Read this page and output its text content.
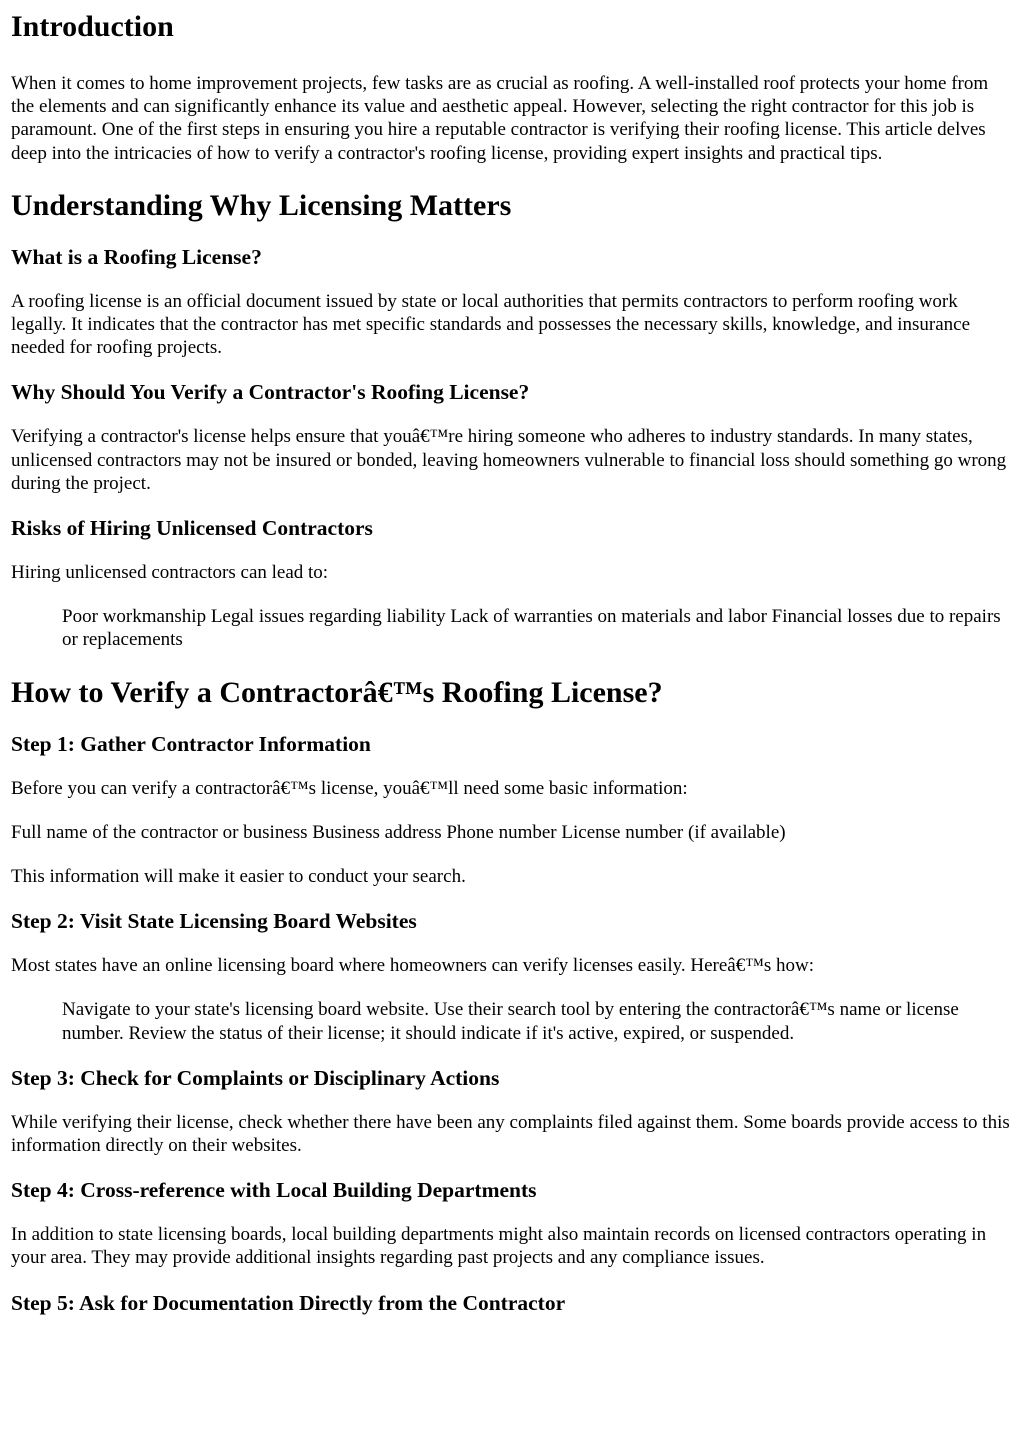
Introduction

When it comes to home improvement projects, few tasks are as crucial as roofing. A well-installed roof protects your home from the elements and can significantly enhance its value and aesthetic appeal. However, selecting the right contractor for this job is paramount. One of the first steps in ensuring you hire a reputable contractor is verifying their roofing license. This article delves deep into the intricacies of how to verify a contractor's roofing license, providing expert insights and practical tips.

Understanding Why Licensing Matters
What is a Roofing License?

A roofing license is an official document issued by state or local authorities that permits contractors to perform roofing work legally. It indicates that the contractor has met specific standards and possesses the necessary skills, knowledge, and insurance needed for roofing projects.

Why Should You Verify a Contractor's Roofing License?

Verifying a contractor's license helps ensure that youâ€™re hiring someone who adheres to industry standards. In many states, unlicensed contractors may not be insured or bonded, leaving homeowners vulnerable to financial loss should something go wrong during the project.

Risks of Hiring Unlicensed Contractors

Hiring unlicensed contractors can lead to:

Poor workmanship Legal issues regarding liability Lack of warranties on materials and labor Financial losses due to repairs or replacements
How to Verify a Contractorâ€™s Roofing License?
Step 1: Gather Contractor Information

Before you can verify a contractorâ€™s license, youâ€™ll need some basic information:

Full name of the contractor or business Business address Phone number License number (if available)

This information will make it easier to conduct your search.

Step 2: Visit State Licensing Board Websites

Most states have an online licensing board where homeowners can verify licenses easily. Hereâ€™s how:

Navigate to your state's licensing board website. Use their search tool by entering the contractorâ€™s name or license number. Review the status of their license; it should indicate if it's active, expired, or suspended.
Step 3: Check for Complaints or Disciplinary Actions

While verifying their license, check whether there have been any complaints filed against them. Some boards provide access to this information directly on their websites.

Step 4: Cross-reference with Local Building Departments

In addition to state licensing boards, local building departments might also maintain records on licensed contractors operating in your area. They may provide additional insights regarding past projects and any compliance issues.

Step 5: Ask for Documentation Directly from the Contractor
